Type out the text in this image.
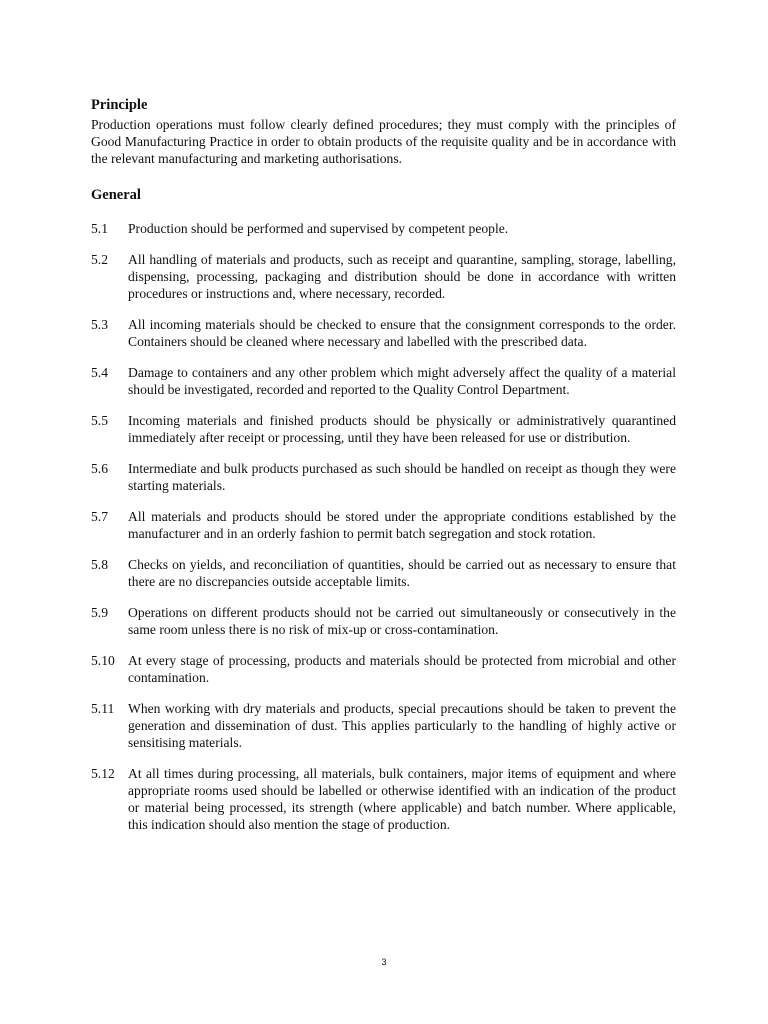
Principle

Production operations must follow clearly defined procedures; they must comply with the principles of Good Manufacturing Practice in order to obtain products of the requisite quality and be in accordance with the relevant manufacturing and marketing authorisations.

General
5.1	Production should be performed and supervised by competent people.
5.2	All handling of materials and products, such as receipt and quarantine, sampling, storage, labelling, dispensing, processing, packaging and distribution should be done in accordance with written procedures or instructions and, where necessary, recorded.
5.3	All incoming materials should be checked to ensure that the consignment corresponds to the order. Containers should be cleaned where necessary and labelled with the prescribed data.
5.4	Damage to containers and any other problem which might adversely affect the quality of a material should be investigated, recorded and reported to the Quality Control Department.
5.5	Incoming materials and finished products should be physically or administratively quarantined immediately after receipt or processing, until they have been released for use or distribution.
5.6	Intermediate and bulk products purchased as such should be handled on receipt as though they were starting materials.
5.7	All materials and products should be stored under the appropriate conditions established by the manufacturer and in an orderly fashion to permit batch segregation and stock rotation.
5.8	Checks on yields, and reconciliation of quantities, should be carried out as necessary to ensure that there are no discrepancies outside acceptable limits.
5.9	Operations on different products should not be carried out simultaneously or consecutively in the same room unless there is no risk of mix-up or cross-contamination.
5.10 At every stage of processing, products and materials should be protected from microbial and other contamination.
5.11	When working with dry materials and products, special precautions should be taken to prevent the generation and dissemination of dust. This applies particularly to the handling of highly active or sensitising materials.
5.12 At all times during processing, all materials, bulk containers, major items of equipment and where appropriate rooms used should be labelled or otherwise identified with an indication of the product or material being processed, its strength (where applicable) and batch number. Where applicable, this indication should also mention the stage of production.
3
